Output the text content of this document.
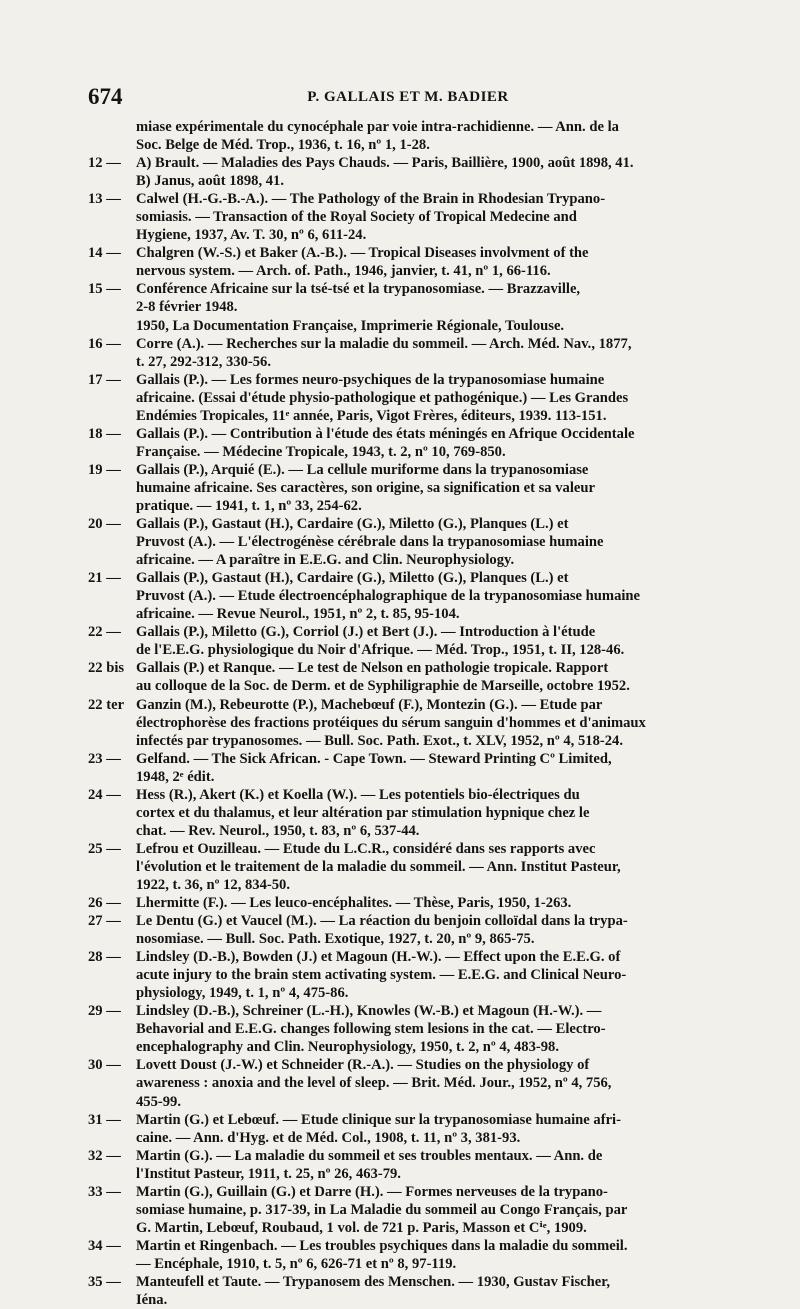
674	P. GALLAIS ET M. BADIER
miase expérimentale du cynocéphale par voie intra-rachidienne. — Ann. de la
Soc. Belge de Méd. Trop., 1936, t. 16, nº 1, 1-28.
12 —	A) Brault. — Maladies des Pays Chauds. — Paris, Baillière, 1900, août 1898, 41.
B) Janus, août 1898, 41.
13 —	Calwel (H.-G.-B.-A.). — The Pathology of the Brain in Rhodesian Trypano-
somiasis. — Transaction of the Royal Society of Tropical Medecine and
Hygiene, 1937, Av. T. 30, nº 6, 611-24.
14 —	Chalgren (W.-S.) et Baker (A.-B.). — Tropical Diseases involvment of the
nervous system. — Arch. of. Path., 1946, janvier, t. 41, nº 1, 66-116.
15 —	Conférence Africaine sur la tsé-tsé et la trypanosomiase. — Brazzaville,
2-8 février 1948.
1950, La Documentation Française, Imprimerie Régionale, Toulouse.
16 —	Corre (A.). — Recherches sur la maladie du sommeil. — Arch. Méd. Nav., 1877,
t. 27, 292-312, 330-56.
17 —	Gallais (P.). — Les formes neuro-psychiques de la trypanosomiase humaine
africaine. (Essai d'étude physio-pathologique et pathogénique.) — Les Grandes
Endémies Tropicales, 11ᵉ année, Paris, Vigot Frères, éditeurs, 1939. 113-151.
18 —	Gallais (P.). — Contribution à l'étude des états méningés en Afrique Occidentale
Française. — Médecine Tropicale, 1943, t. 2, nº 10, 769-850.
19 —	Gallais (P.), Arquié (E.). — La cellule muriforme dans la trypanosomiase
humaine africaine. Ses caractères, son origine, sa signification et sa valeur
pratique. — 1941, t. 1, nº 33, 254-62.
20 —	Gallais (P.), Gastaut (H.), Cardaire (G.), Miletto (G.), Planques (L.) et
Pruvost (A.). — L'électrogénèse cérébrale dans la trypanosomiase humaine
africaine. — A paraître in E.E.G. and Clin. Neurophysiology.
21 —	Gallais (P.), Gastaut (H.), Cardaire (G.), Miletto (G.), Planques (L.) et
Pruvost (A.). — Etude électroencéphalographique de la trypanosomiase humaine
africaine. — Revue Neurol., 1951, nº 2, t. 85, 95-104.
22 —	Gallais (P.), Miletto (G.), Corriol (J.) et Bert (J.). — Introduction à l'étude
de l'E.E.G. physiologique du Noir d'Afrique. — Méd. Trop., 1951, t. II, 128-46.
22 bis Gallais (P.) et Ranque. — Le test de Nelson en pathologie tropicale. Rapport
au colloque de la Soc. de Derm. et de Syphiligraphie de Marseille, octobre 1952.
22 ter Ganzin (M.), Rebeurotte (P.), Machebœuf (F.), Montezin (G.). — Etude par
électrophorèse des fractions protéiques du sérum sanguin d'hommes et d'animaux
infectés par trypanosomes. — Bull. Soc. Path. Exot., t. XLV, 1952, nº 4, 518-24.
23 —	Gelfand. — The Sick African. - Cape Town. — Steward Printing Cº Limited,
1948, 2ᵉ édit.
24 —	Hess (R.), Akert (K.) et Koella (W.). — Les potentiels bio-électriques du
cortex et du thalamus, et leur altération par stimulation hypnique chez le
chat. — Rev. Neurol., 1950, t. 83, nº 6, 537-44.
25 —	Lefrou et Ouzilleau. — Etude du L.C.R., considéré dans ses rapports avec
l'évolution et le traitement de la maladie du sommeil. — Ann. Institut Pasteur,
1922, t. 36, nº 12, 834-50.
26 —	Lhermitte (F.). — Les leuco-encéphalites. — Thèse, Paris, 1950, 1-263.
27 —	Le Dentu (G.) et Vaucel (M.). — La réaction du benjoin colloïdal dans la trypa-
nosomiase. — Bull. Soc. Path. Exotique, 1927, t. 20, nº 9, 865-75.
28 —	Lindsley (D.-B.), Bowden (J.) et Magoun (H.-W.). — Effect upon the E.E.G. of
acute injury to the brain stem activating system. — E.E.G. and Clinical Neuro-
physiology, 1949, t. 1, nº 4, 475-86.
29 —	Lindsley (D.-B.), Schreiner (L.-H.), Knowles (W.-B.) et Magoun (H.-W.). —
Behavorial and E.E.G. changes following stem lesions in the cat. — Electro-
encephalography and Clin. Neurophysiology, 1950, t. 2, nº 4, 483-98.
30 —	Lovett Doust (J.-W.) et Schneider (R.-A.). — Studies on the physiology of
awareness : anoxia and the level of sleep. — Brit. Méd. Jour., 1952, nº 4, 756,
455-99.
31 —	Martin (G.) et Lebœuf. — Etude clinique sur la trypanosomiase humaine afri-
caine. — Ann. d'Hyg. et de Méd. Col., 1908, t. 11, nº 3, 381-93.
32 —	Martin (G.). — La maladie du sommeil et ses troubles mentaux. — Ann. de
l'Institut Pasteur, 1911, t. 25, nº 26, 463-79.
33 —	Martin (G.), Guillain (G.) et Darre (H.). — Formes nerveuses de la trypano-
somiase humaine, p. 317-39, in La Maladie du sommeil au Congo Français, par
G. Martin, Lebœuf, Roubaud, 1 vol. de 721 p. Paris, Masson et Cⁱᵉ, 1909.
34 —	Martin et Ringenbach. — Les troubles psychiques dans la maladie du sommeil.
— Encéphale, 1910, t. 5, nº 6, 626-71 et nº 8, 97-119.
35 —	Manteufell et Taute. — Trypanosem des Menschen. — 1930, Gustav Fischer,
Iéna.
